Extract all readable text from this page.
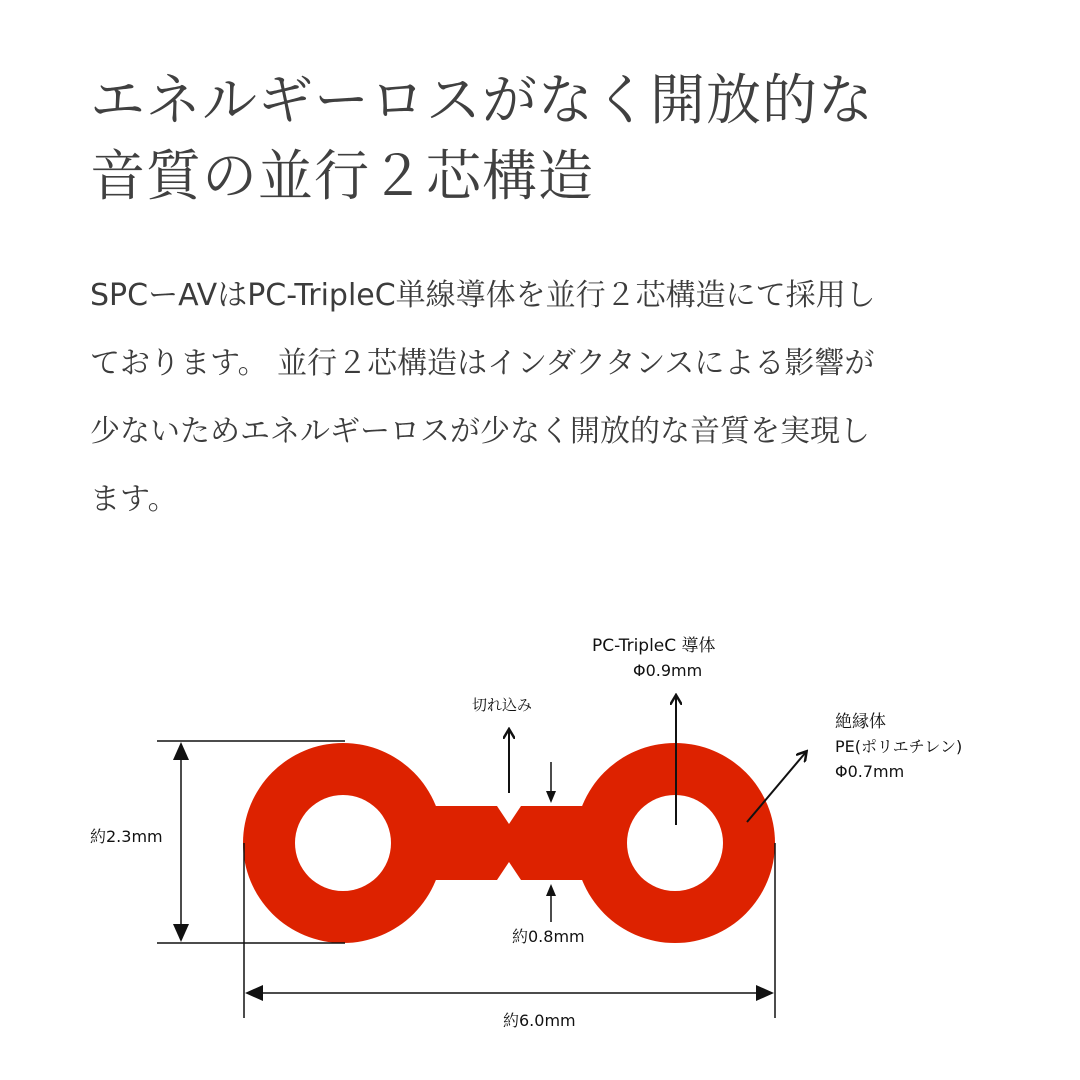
エネルギーロスがなく開放的な
音質の並行２芯構造

SPCーAVはPC-TripleC単線導体を並行２芯構造にて採用し
ております。 並行２芯構造はインダクタンスによる影響が
少ないためエネルギーロスが少なく開放的な音質を実現し
ます。

約2.3mm
約6.0mm
約0.8mm
切れ込み
PC-TripleC 導体
Φ0.9mm
絶縁体
PE(ポリエチレン)
Φ0.7mm
